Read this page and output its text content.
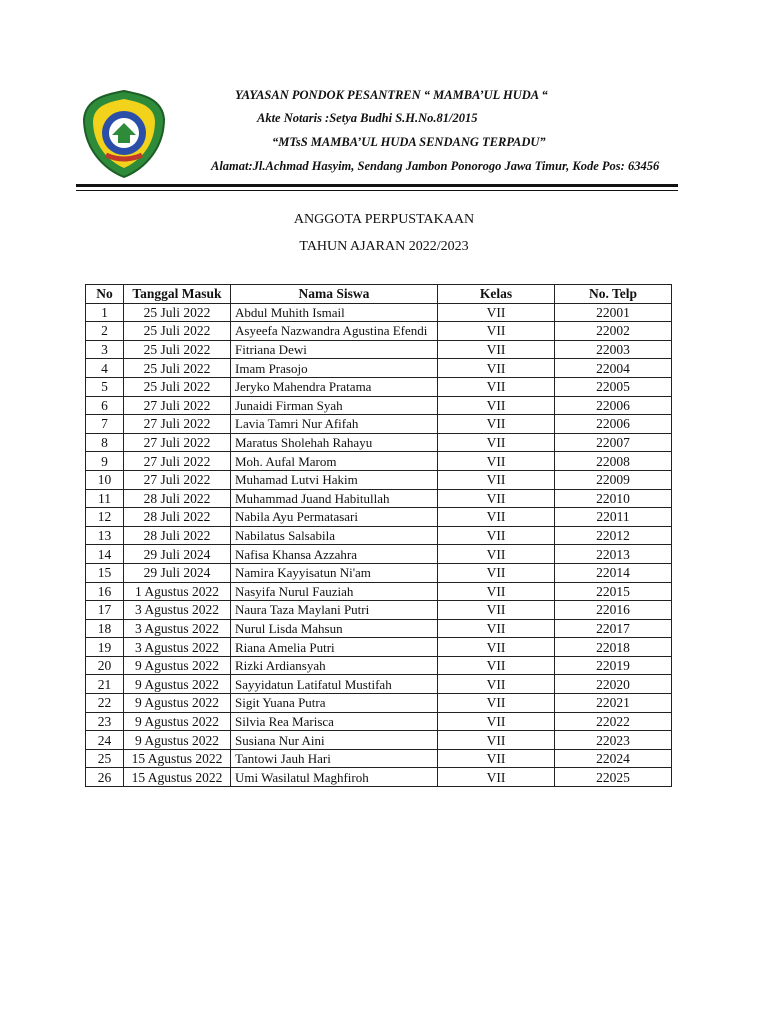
YAYASAN PONDOK PESANTREN “ MAMBA’UL HUDA “
Akte Notaris :Setya Budhi S.H.No.81/2015
“MTsS MAMBA’UL HUDA SENDANG TERPADU”
Alamat:Jl.Achmad Hasyim, Sendang Jambon Ponorogo Jawa Timur, Kode Pos: 63456
ANGGOTA PERPUSTAKAAN
TAHUN AJARAN 2022/2023
No	Tanggal Masuk	Nama Siswa	Kelas	No. Telp
1	25 Juli 2022	Abdul Muhith Ismail	VII	22001
2	25 Juli 2022	Asyeefa Nazwandra Agustina Efendi	VII	22002
3	25 Juli 2022	Fitriana Dewi	VII	22003
4	25 Juli 2022	Imam Prasojo	VII	22004
5	25 Juli 2022	Jeryko Mahendra Pratama	VII	22005
6	27 Juli 2022	Junaidi Firman Syah	VII	22006
7	27 Juli 2022	Lavia Tamri Nur Afifah	VII	22006
8	27 Juli 2022	Maratus Sholehah Rahayu	VII	22007
9	27 Juli 2022	Moh. Aufal Marom	VII	22008
10	27 Juli 2022	Muhamad Lutvi Hakim	VII	22009
11	28 Juli 2022	Muhammad Juand Habitullah	VII	22010
12	28 Juli 2022	Nabila Ayu Permatasari	VII	22011
13	28 Juli 2022	Nabilatus Salsabila	VII	22012
14	29 Juli 2024	Nafisa Khansa Azzahra	VII	22013
15	29 Juli 2024	Namira Kayyisatun Ni'am	VII	22014
16	1 Agustus 2022	Nasyifa Nurul Fauziah	VII	22015
17	3 Agustus 2022	Naura Taza Maylani Putri	VII	22016
18	3 Agustus 2022	Nurul Lisda Mahsun	VII	22017
19	3 Agustus 2022	Riana Amelia Putri	VII	22018
20	9 Agustus 2022	Rizki Ardiansyah	VII	22019
21	9 Agustus 2022	Sayyidatun Latifatul Mustifah	VII	22020
22	9 Agustus 2022	Sigit Yuana Putra	VII	22021
23	9 Agustus 2022	Silvia Rea Marisca	VII	22022
24	9 Agustus 2022	Susiana Nur Aini	VII	22023
25	15 Agustus 2022	Tantowi Jauh Hari	VII	22024
26	15 Agustus 2022	Umi Wasilatul Maghfiroh	VII	22025
